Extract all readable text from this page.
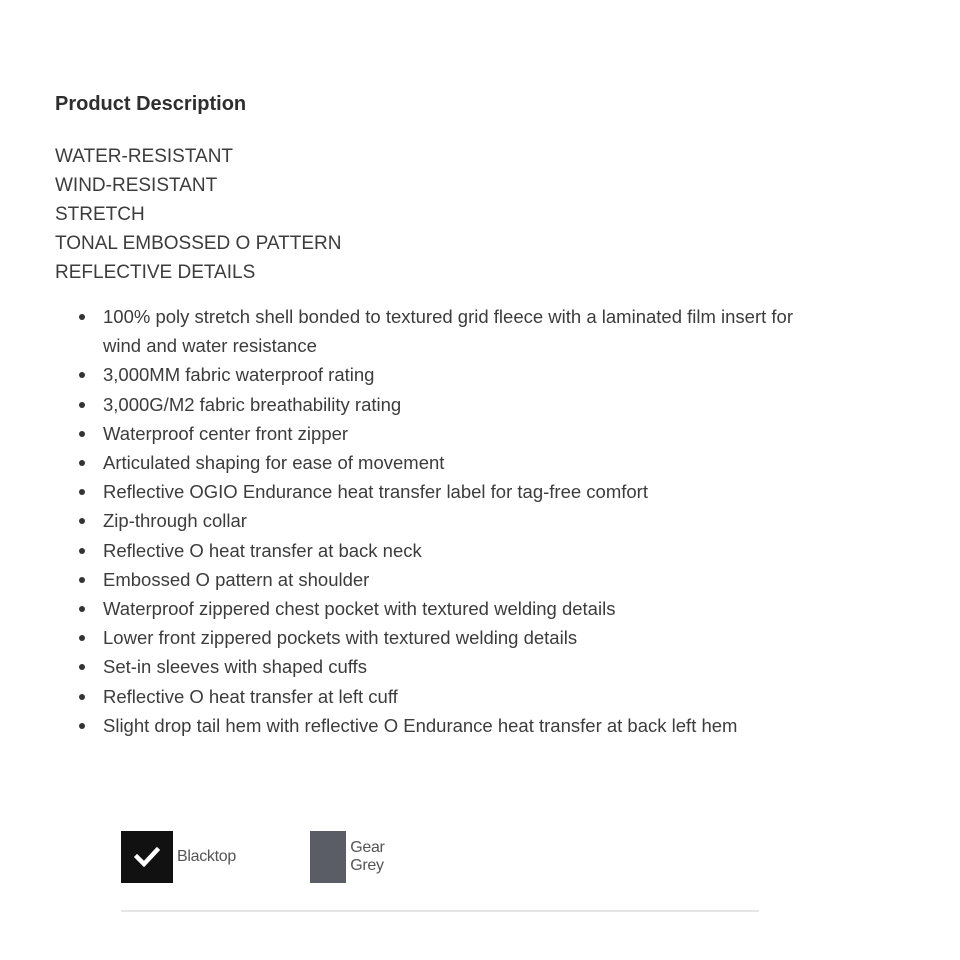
Product Description
WATER-RESISTANT
WIND-RESISTANT
STRETCH
TONAL EMBOSSED O PATTERN
REFLECTIVE DETAILS
100% poly stretch shell bonded to textured grid fleece with a laminated film insert for wind and water resistance
3,000MM fabric waterproof rating
3,000G/M2 fabric breathability rating
Waterproof center front zipper
Articulated shaping for ease of movement
Reflective OGIO Endurance heat transfer label for tag-free comfort
Zip-through collar
Reflective O heat transfer at back neck
Embossed O pattern at shoulder
Waterproof zippered chest pocket with textured welding details
Lower front zippered pockets with textured welding details
Set-in sleeves with shaped cuffs
Reflective O heat transfer at left cuff
Slight drop tail hem with reflective O Endurance heat transfer at back left hem
Blacktop
Gear Grey
